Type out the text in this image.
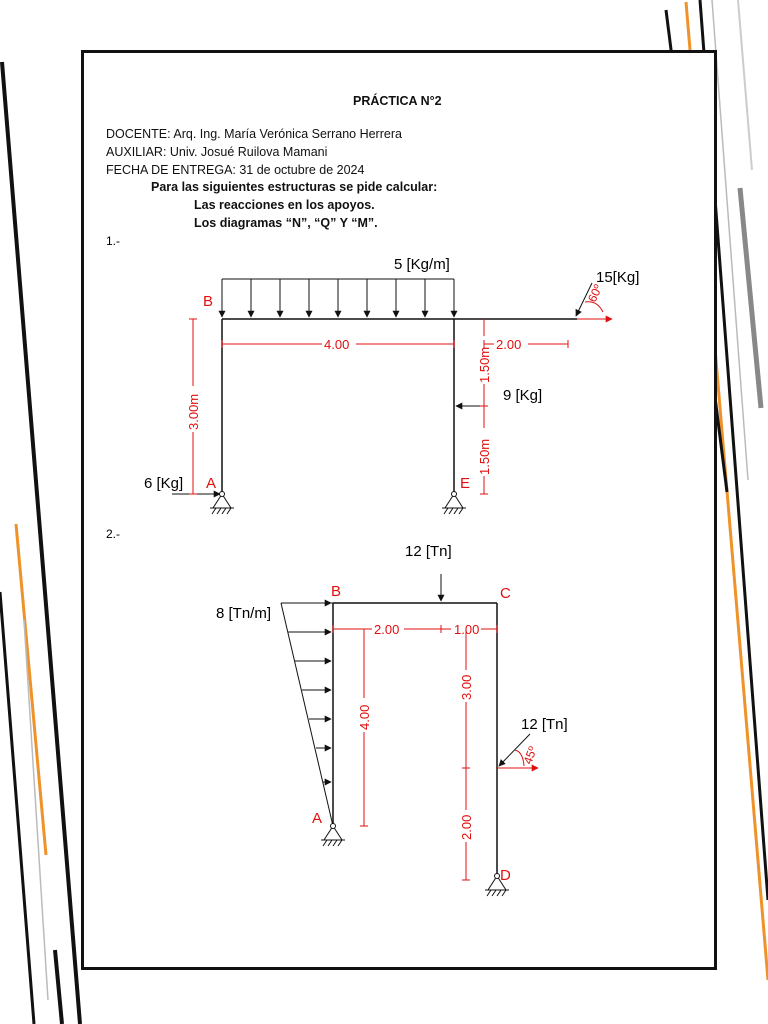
PRÁCTICA N°2
DOCENTE: Arq. Ing. María Verónica Serrano Herrera
AUXILIAR: Univ. Josué Ruilova Mamani
FECHA DE ENTREGA: 31 de octubre de 2024
Para las siguientes estructuras se pide calcular:
Las reacciones en los apoyos.
Los diagramas “N”, “Q” Y “M”.
1.-
5 [Kg/m]
15[Kg]
60º
9 [Kg]
6 [Kg]
B
A	E
4.00	2.00
3.00m
1.50m
1.50m
2.-
8 [Tn/m]
12 [Tn]
12 [Tn]
45º
B	C
A
D
2.00	1.00
4.00
3.00
2.00
